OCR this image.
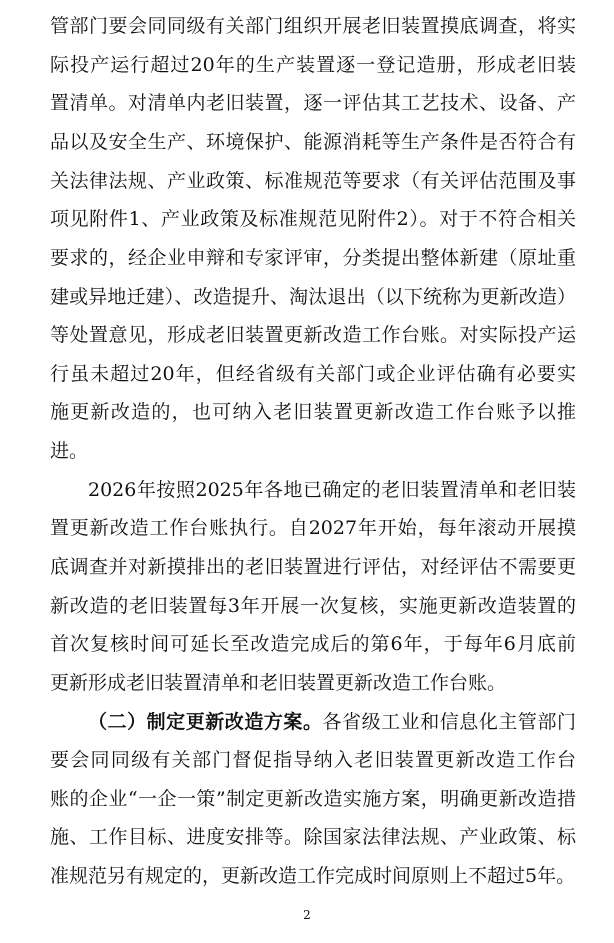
管部门要会同同级有关部门组织开展老旧装置摸底调查，将实
际投产运行超过20年的生产装置逐一登记造册，形成老旧装
置清单。对清单内老旧装置，逐一评估其工艺技术、设备、产
品以及安全生产、环境保护、能源消耗等生产条件是否符合有
关法律法规、产业政策、标准规范等要求（有关评估范围及事
项见附件1、产业政策及标准规范见附件2）。对于不符合相关
要求的，经企业申辩和专家评审，分类提出整体新建（原址重
建或异地迁建）、改造提升、淘汰退出（以下统称为更新改造）
等处置意见，形成老旧装置更新改造工作台账。对实际投产运
行虽未超过20年，但经省级有关部门或企业评估确有必要实
施更新改造的，也可纳入老旧装置更新改造工作台账予以推
进。
2026年按照2025年各地已确定的老旧装置清单和老旧装
置更新改造工作台账执行。自2027年开始，每年滚动开展摸
底调查并对新摸排出的老旧装置进行评估，对经评估不需要更
新改造的老旧装置每3年开展一次复核，实施更新改造装置的
首次复核时间可延长至改造完成后的第6年，于每年6月底前
更新形成老旧装置清单和老旧装置更新改造工作台账。
（二）制定更新改造方案。各省级工业和信息化主管部门
要会同同级有关部门督促指导纳入老旧装置更新改造工作台
账的企业“一企一策”制定更新改造实施方案，明确更新改造措
施、工作目标、进度安排等。除国家法律法规、产业政策、标
准规范另有规定的，更新改造工作完成时间原则上不超过5年。
2
